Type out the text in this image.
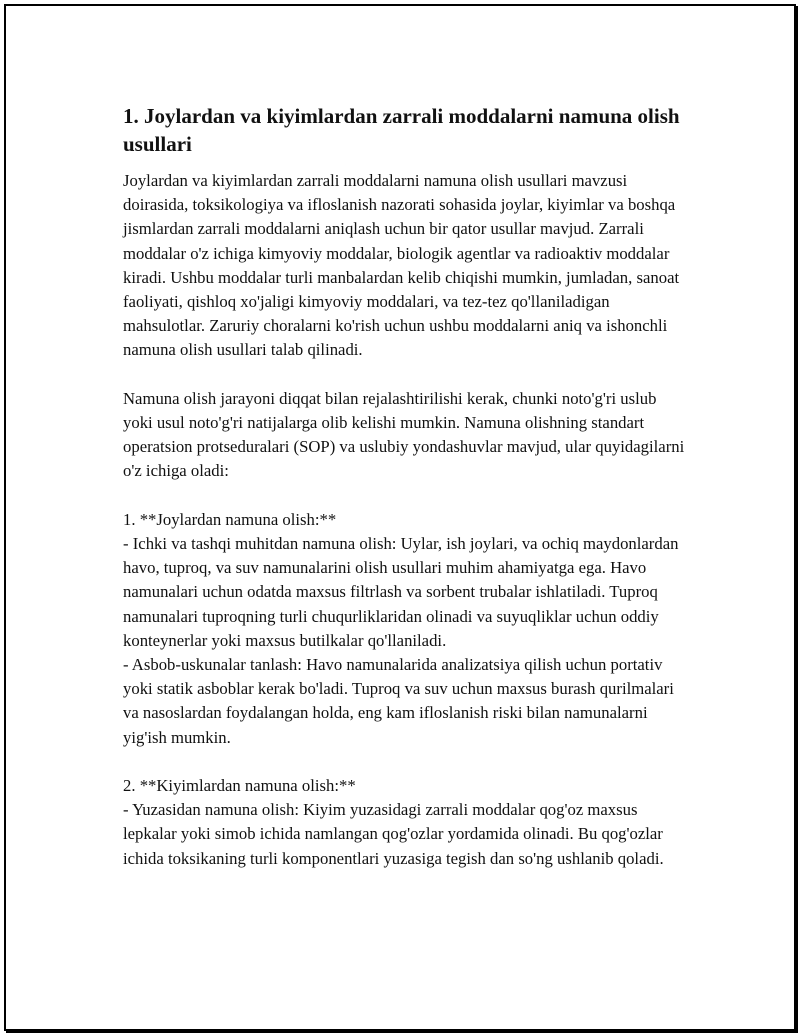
1. Joylardan va kiyimlardan zarrali moddalarni namuna olish usullari

Joylardan va kiyimlardan zarrali moddalarni namuna olish usullari mavzusi doirasida, toksikologiya va ifloslanish nazorati sohasida joylar, kiyimlar va boshqa jismlardan zarrali moddalarni aniqlash uchun bir qator usullar mavjud. Zarrali moddalar o'z ichiga kimyoviy moddalar, biologik agentlar va radioaktiv moddalar kiradi. Ushbu moddalar turli manbalardan kelib chiqishi mumkin, jumladan, sanoat faoliyati, qishloq xo'jaligi kimyoviy moddalari, va tez-tez qo'llaniladigan mahsulotlar. Zaruriy choralarni ko'rish uchun ushbu moddalarni aniq va ishonchli namuna olish usullari talab qilinadi.

Namuna olish jarayoni diqqat bilan rejalashtirilishi kerak, chunki noto'g'ri uslub yoki usul noto'g'ri natijalarga olib kelishi mumkin. Namuna olishning standart operatsion protseduralari (SOP) va uslubiy yondashuvlar mavjud, ular quyidagilarni o'z ichiga oladi:

1. **Joylardan namuna olish:**
- Ichki va tashqi muhitdan namuna olish: Uylar, ish joylari, va ochiq maydonlardan havo, tuproq, va suv namunalarini olish usullari muhim ahamiyatga ega. Havo namunalari uchun odatda maxsus filtrlash va sorbent trubalar ishlatiladi. Tuproq namunalari tuproqning turli chuqurliklaridan olinadi va suyuqliklar uchun oddiy konteynerlar yoki maxsus butilkalar qo'llaniladi.
- Asbob-uskunalar tanlash: Havo namunalarida analizatsiya qilish uchun portativ yoki statik asboblar kerak bo'ladi. Tuproq va suv uchun maxsus burash qurilmalari va nasoslardan foydalangan holda, eng kam ifloslanish riski bilan namunalarni yig'ish mumkin.

2. **Kiyimlardan namuna olish:**
- Yuzasidan namuna olish: Kiyim yuzasidagi zarrali moddalar qog'oz maxsus lepkalar yoki simob ichida namlangan qog'ozlar yordamida olinadi. Bu qog'ozlar ichida toksikaning turli komponentlari yuzasiga tegish dan so'ng ushlanib qoladi.
